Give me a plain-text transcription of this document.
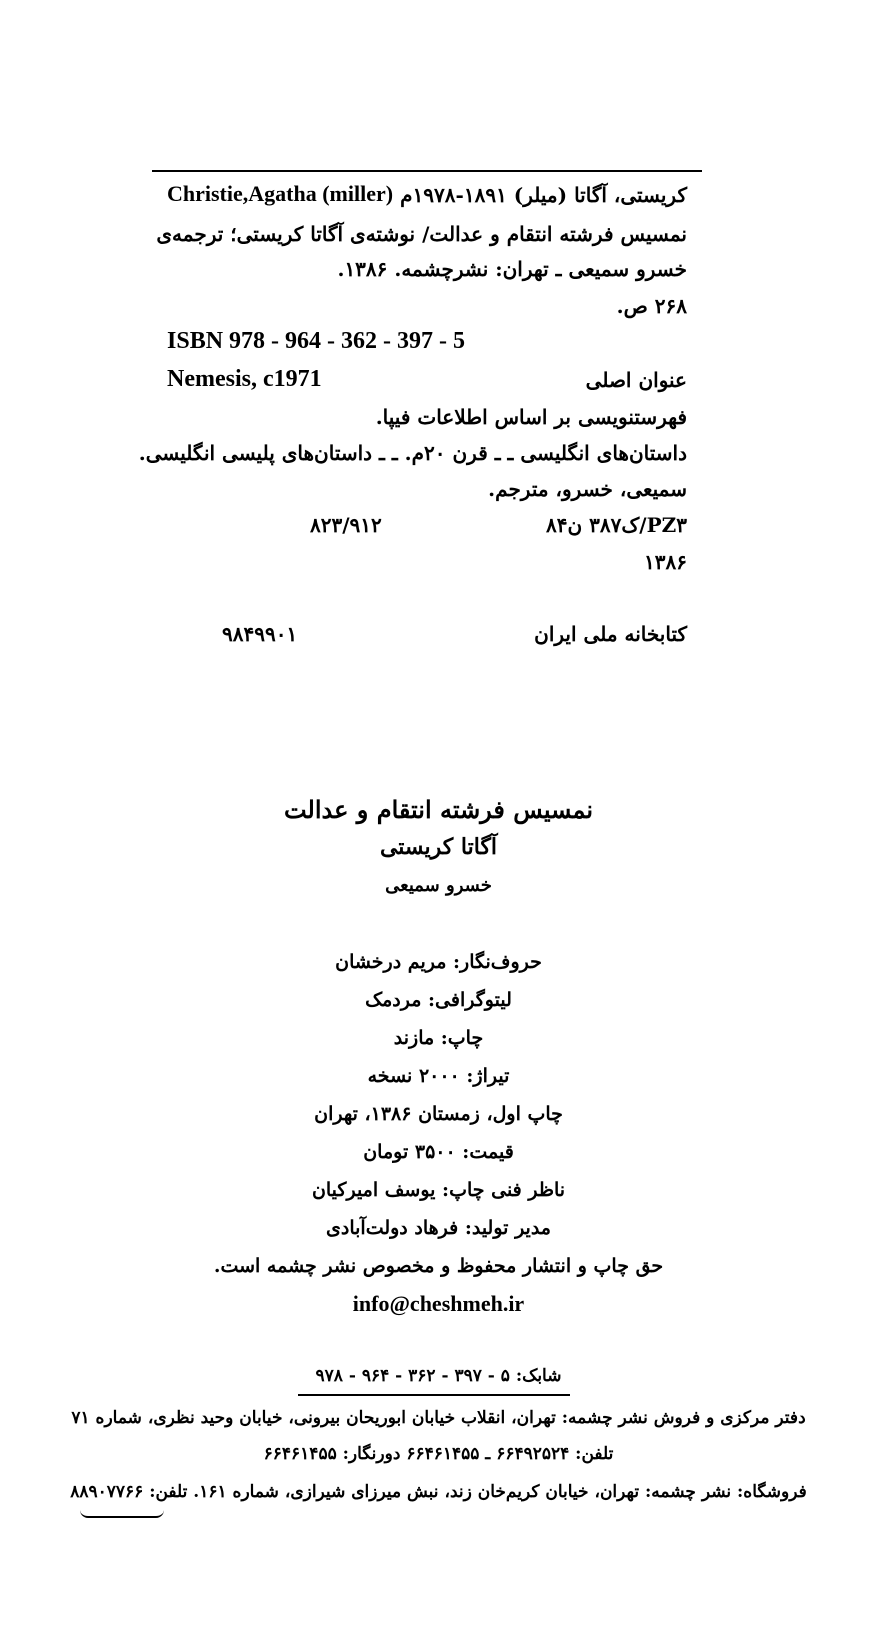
کریستی، آگاتا (میلر) ۱۸۹۱-۱۹۷۸م
Christie,Agatha (miller)
نمسیس فرشته انتقام و عدالت/ نوشته‌ی آگاتا کریستی؛ ترجمه‌ی
خسرو سمیعی ـ تهران: نشرچشمه. ۱۳۸۶.
۲۶۸ ص.
ISBN 978 - 964 - 362 - 397 - 5
عنوان اصلی
Nemesis, c1971
فهرستنویسی بر اساس اطلاعات فیپا.
داستان‌های انگلیسی ـ ـ قرن ۲۰م. ـ ـ داستان‌های پلیسی انگلیسی.
سمیعی، خسرو، مترجم.
PZ۳/ک۳۸۷ ن۸۴
۸۲۳/۹۱۲
۱۳۸۶
کتابخانه ملی ایران
۹۸۴۹۹۰۱
نمسیس فرشته انتقام و عدالت
آگاتا کریستی
خسرو سمیعی
حروف‌نگار: مریم درخشان
لیتوگرافی: مردمک
چاپ: مازند
تیراژ: ۲۰۰۰ نسخه
چاپ اول، زمستان ۱۳۸۶، تهران
قیمت: ۳۵۰۰ تومان
ناظر فنی چاپ: یوسف امیرکیان
مدیر تولید: فرهاد دولت‌آبادی
حق چاپ و انتشار محفوظ و مخصوص نشر چشمه است.
info@cheshmeh.ir
شابک: ۵ - ۳۹۷ - ۳۶۲ - ۹۶۴ - ۹۷۸
دفتر مرکزی و فروش نشر چشمه: تهران، انقلاب خیابان ابوریحان بیرونی، خیابان وحید نظری، شماره ۷۱
تلفن: ۶۶۴۹۲۵۲۴ ـ ۶۶۴۶۱۴۵۵ دورنگار: ۶۶۴۶۱۴۵۵
فروشگاه: نشر چشمه: تهران، خیابان کریم‌خان زند، نبش میرزای شیرازی، شماره ۱۶۱. تلفن: ۸۸۹۰۷۷۶۶
